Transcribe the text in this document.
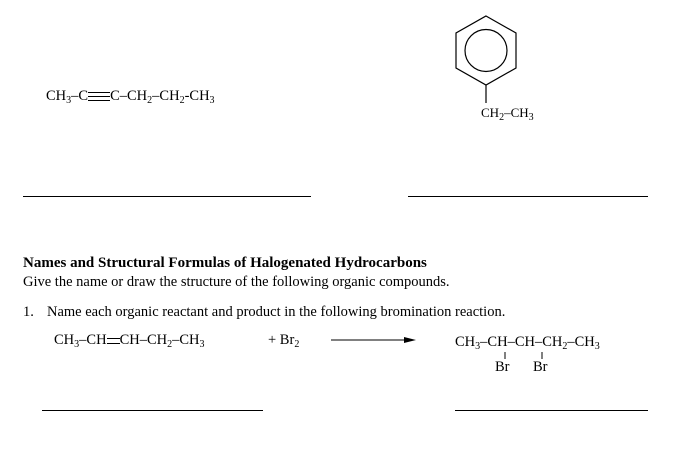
$CH_3-C$ $C-CH_2-CH_2-CH_3$
$CH_2-CH_3$
Names and Structural Formulas of Halogenated Hydrocarbons
Give the name or draw the structure of the following organic compounds.
1. Name each organic reactant and product in the following bromination reaction.
$CH_3-CH$ $CH-CH_2-CH_3$	+ $Br_2$	$CH_3-CH-CH-CH_2-CH_3$
Br Br
